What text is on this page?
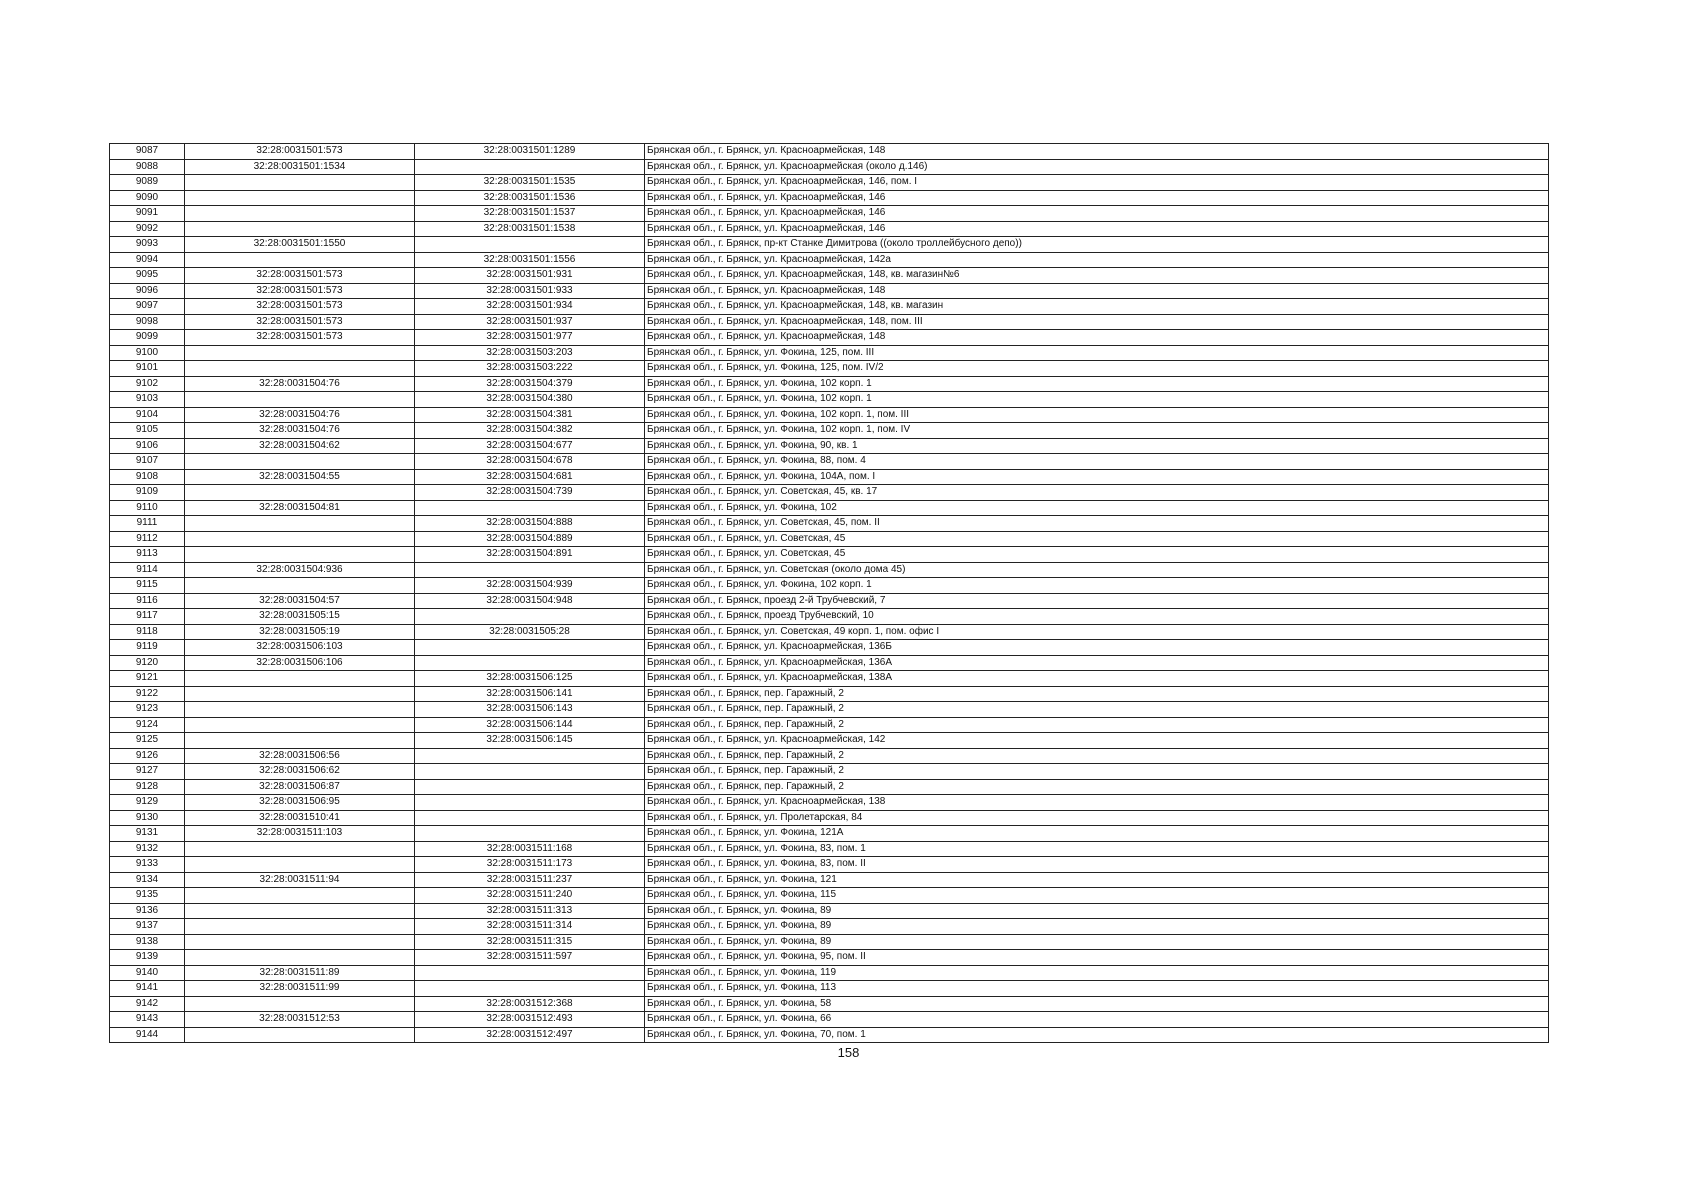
9087	32:28:0031501:573	32:28:0031501:1289	Брянская обл., г. Брянск, ул. Красноармейская, 148
9088	32:28:0031501:1534		Брянская обл., г. Брянск, ул. Красноармейская (около д.146)
9089		32:28:0031501:1535	Брянская обл., г. Брянск, ул. Красноармейская, 146, пом. I
9090		32:28:0031501:1536	Брянская обл., г. Брянск, ул. Красноармейская, 146
9091		32:28:0031501:1537	Брянская обл., г. Брянск, ул. Красноармейская, 146
9092		32:28:0031501:1538	Брянская обл., г. Брянск, ул. Красноармейская, 146
9093	32:28:0031501:1550		Брянская обл., г. Брянск, пр-кт Станке Димитрова ((около троллейбусного депо))
9094		32:28:0031501:1556	Брянская обл., г. Брянск, ул. Красноармейская, 142а
9095	32:28:0031501:573	32:28:0031501:931	Брянская обл., г. Брянск, ул. Красноармейская, 148, кв. магазин№6
9096	32:28:0031501:573	32:28:0031501:933	Брянская обл., г. Брянск, ул. Красноармейская, 148
9097	32:28:0031501:573	32:28:0031501:934	Брянская обл., г. Брянск, ул. Красноармейская, 148, кв. магазин
9098	32:28:0031501:573	32:28:0031501:937	Брянская обл., г. Брянск, ул. Красноармейская, 148, пом. III
9099	32:28:0031501:573	32:28:0031501:977	Брянская обл., г. Брянск, ул. Красноармейская, 148
9100		32:28:0031503:203	Брянская обл., г. Брянск, ул. Фокина, 125, пом. III
9101		32:28:0031503:222	Брянская обл., г. Брянск, ул. Фокина, 125, пом. IV/2
9102	32:28:0031504:76	32:28:0031504:379	Брянская обл., г. Брянск, ул. Фокина, 102 корп. 1
9103		32:28:0031504:380	Брянская обл., г. Брянск, ул. Фокина, 102 корп. 1
9104	32:28:0031504:76	32:28:0031504:381	Брянская обл., г. Брянск, ул. Фокина, 102 корп. 1, пом. III
9105	32:28:0031504:76	32:28:0031504:382	Брянская обл., г. Брянск, ул. Фокина, 102 корп. 1, пом. IV
9106	32:28:0031504:62	32:28:0031504:677	Брянская обл., г. Брянск, ул. Фокина, 90, кв. 1
9107		32:28:0031504:678	Брянская обл., г. Брянск, ул. Фокина, 88, пом. 4
9108	32:28:0031504:55	32:28:0031504:681	Брянская обл., г. Брянск, ул. Фокина, 104А, пом. I
9109		32:28:0031504:739	Брянская обл., г. Брянск, ул. Советская, 45, кв. 17
9110	32:28:0031504:81		Брянская обл., г. Брянск, ул. Фокина, 102
9111		32:28:0031504:888	Брянская обл., г. Брянск, ул. Советская, 45, пом. II
9112		32:28:0031504:889	Брянская обл., г. Брянск, ул. Советская, 45
9113		32:28:0031504:891	Брянская обл., г. Брянск, ул. Советская, 45
9114	32:28:0031504:936		Брянская обл., г. Брянск, ул. Советская (около дома 45)
9115		32:28:0031504:939	Брянская обл., г. Брянск, ул. Фокина, 102 корп. 1
9116	32:28:0031504:57	32:28:0031504:948	Брянская обл., г. Брянск, проезд 2-й Трубчевский, 7
9117	32:28:0031505:15		Брянская обл., г. Брянск, проезд Трубчевский, 10
9118	32:28:0031505:19	32:28:0031505:28	Брянская обл., г. Брянск, ул. Советская, 49 корп. 1, пом. офис I
9119	32:28:0031506:103		Брянская обл., г. Брянск, ул. Красноармейская, 136Б
9120	32:28:0031506:106		Брянская обл., г. Брянск, ул. Красноармейская, 136А
9121		32:28:0031506:125	Брянская обл., г. Брянск, ул. Красноармейская, 138А
9122		32:28:0031506:141	Брянская обл., г. Брянск, пер. Гаражный, 2
9123		32:28:0031506:143	Брянская обл., г. Брянск, пер. Гаражный, 2
9124		32:28:0031506:144	Брянская обл., г. Брянск, пер. Гаражный, 2
9125		32:28:0031506:145	Брянская обл., г. Брянск, ул. Красноармейская, 142
9126	32:28:0031506:56		Брянская обл., г. Брянск, пер. Гаражный, 2
9127	32:28:0031506:62		Брянская обл., г. Брянск, пер. Гаражный, 2
9128	32:28:0031506:87		Брянская обл., г. Брянск, пер. Гаражный, 2
9129	32:28:0031506:95		Брянская обл., г. Брянск, ул. Красноармейская, 138
9130	32:28:0031510:41		Брянская обл., г. Брянск, ул. Пролетарская, 84
9131	32:28:0031511:103		Брянская обл., г. Брянск, ул. Фокина, 121А
9132		32:28:0031511:168	Брянская обл., г. Брянск, ул. Фокина, 83, пом. 1
9133		32:28:0031511:173	Брянская обл., г. Брянск, ул. Фокина, 83, пом. II
9134	32:28:0031511:94	32:28:0031511:237	Брянская обл., г. Брянск, ул. Фокина, 121
9135		32:28:0031511:240	Брянская обл., г. Брянск, ул. Фокина, 115
9136		32:28:0031511:313	Брянская обл., г. Брянск, ул. Фокина, 89
9137		32:28:0031511:314	Брянская обл., г. Брянск, ул. Фокина, 89
9138		32:28:0031511:315	Брянская обл., г. Брянск, ул. Фокина, 89
9139		32:28:0031511:597	Брянская обл., г. Брянск, ул. Фокина, 95, пом. II
9140	32:28:0031511:89		Брянская обл., г. Брянск, ул. Фокина, 119
9141	32:28:0031511:99		Брянская обл., г. Брянск, ул. Фокина, 113
9142		32:28:0031512:368	Брянская обл., г. Брянск, ул. Фокина, 58
9143	32:28:0031512:53	32:28:0031512:493	Брянская обл., г. Брянск, ул. Фокина, 66
9144		32:28:0031512:497	Брянская обл., г. Брянск, ул. Фокина, 70, пом. 1
158
